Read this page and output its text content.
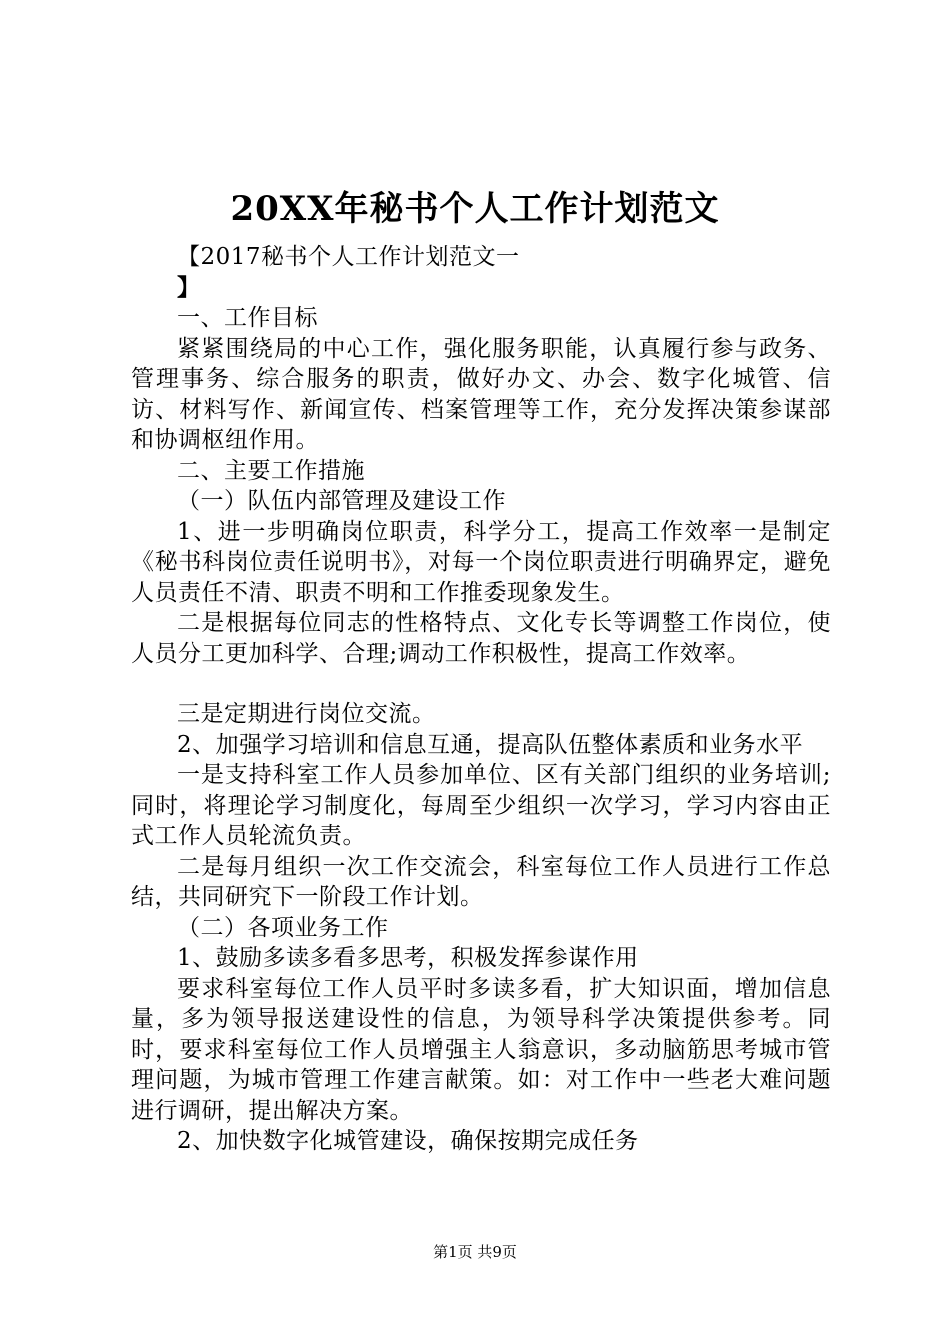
20XX年秘书个人工作计划范文

【2017秘书个人工作计划范文一

】

一、工作目标

紧紧围绕局的中心工作，强化服务职能，认真履行参与政务、管理事务、综合服务的职责，做好办文、办会、数字化城管、信访、材料写作、新闻宣传、档案管理等工作，充分发挥决策参谋部和协调枢纽作用。

二、主要工作措施

（一）队伍内部管理及建设工作

1、进一步明确岗位职责，科学分工，提高工作效率一是制定《秘书科岗位责任说明书》，对每一个岗位职责进行明确界定，避免人员责任不清、职责不明和工作推委现象发生。

二是根据每位同志的性格特点、文化专长等调整工作岗位，使人员分工更加科学、合理;调动工作积极性，提高工作效率。

三是定期进行岗位交流。

2、加强学习培训和信息互通，提高队伍整体素质和业务水平

一是支持科室工作人员参加单位、区有关部门组织的业务培训;同时，将理论学习制度化，每周至少组织一次学习，学习内容由正式工作人员轮流负责。

二是每月组织一次工作交流会，科室每位工作人员进行工作总结，共同研究下一阶段工作计划。

（二）各项业务工作

1、鼓励多读多看多思考，积极发挥参谋作用

要求科室每位工作人员平时多读多看，扩大知识面，增加信息量，多为领导报送建设性的信息，为领导科学决策提供参考。同时，要求科室每位工作人员增强主人翁意识，多动脑筋思考城市管理问题，为城市管理工作建言献策。如：对工作中一些老大难问题进行调研，提出解决方案。

2、加快数字化城管建设，确保按期完成任务

第1页 共9页
